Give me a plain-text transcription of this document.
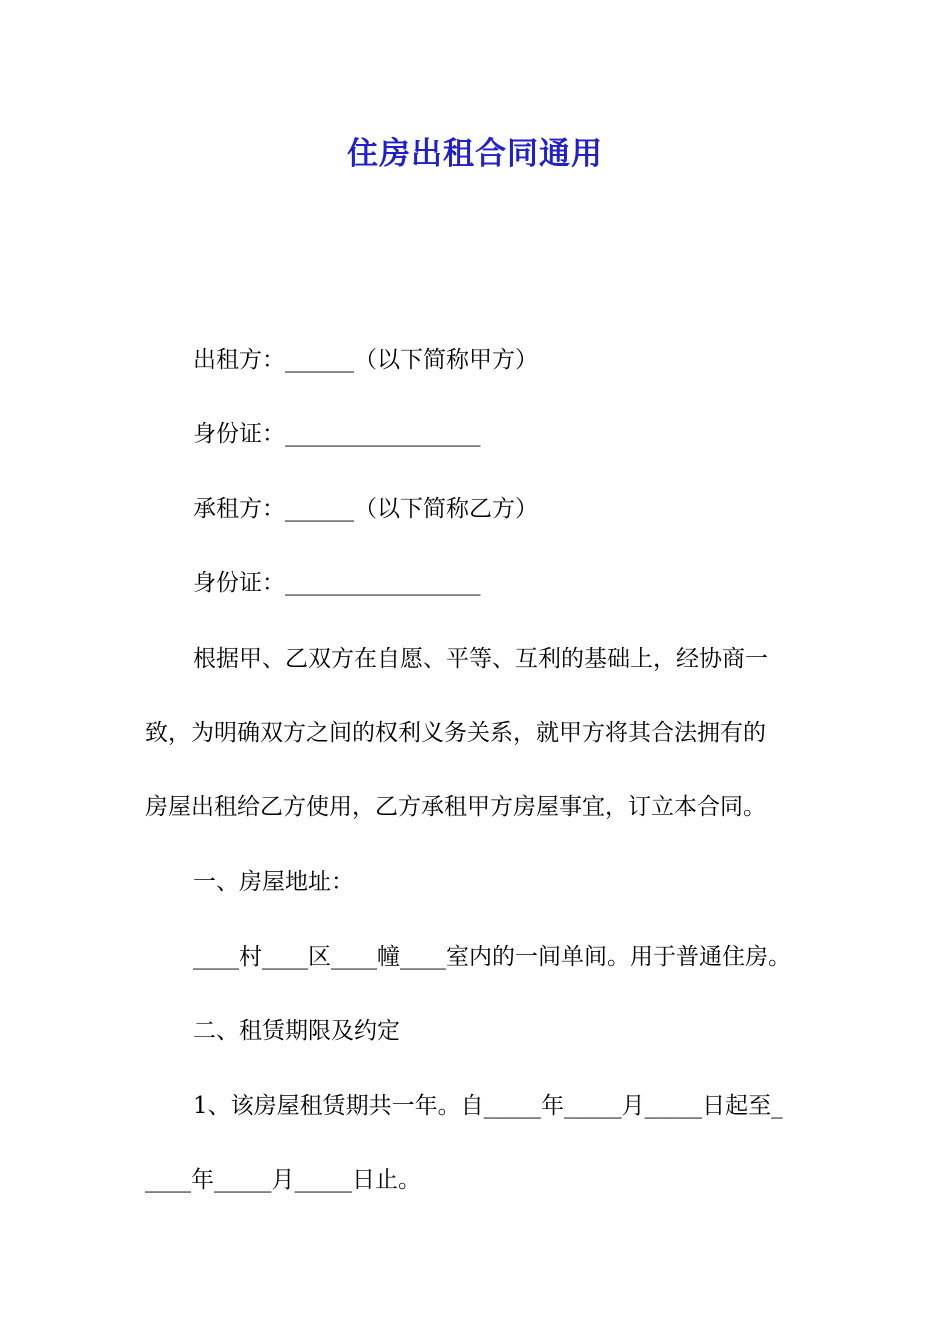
住房出租合同通用

出租方：______（以下简称甲方）

身份证：_________________

承租方：______（以下简称乙方）

身份证：_________________

根据甲、乙双方在自愿、平等、互利的基础上，经协商一

致，为明确双方之间的权利义务关系，就甲方将其合法拥有的

房屋出租给乙方使用，乙方承租甲方房屋事宜，订立本合同。

一、房屋地址：

____村____区____幢____室内的一间单间。用于普通住房。

二、租赁期限及约定

1、该房屋租赁期共一年。自_____年_____月_____日起至_

____年_____月_____日止。
